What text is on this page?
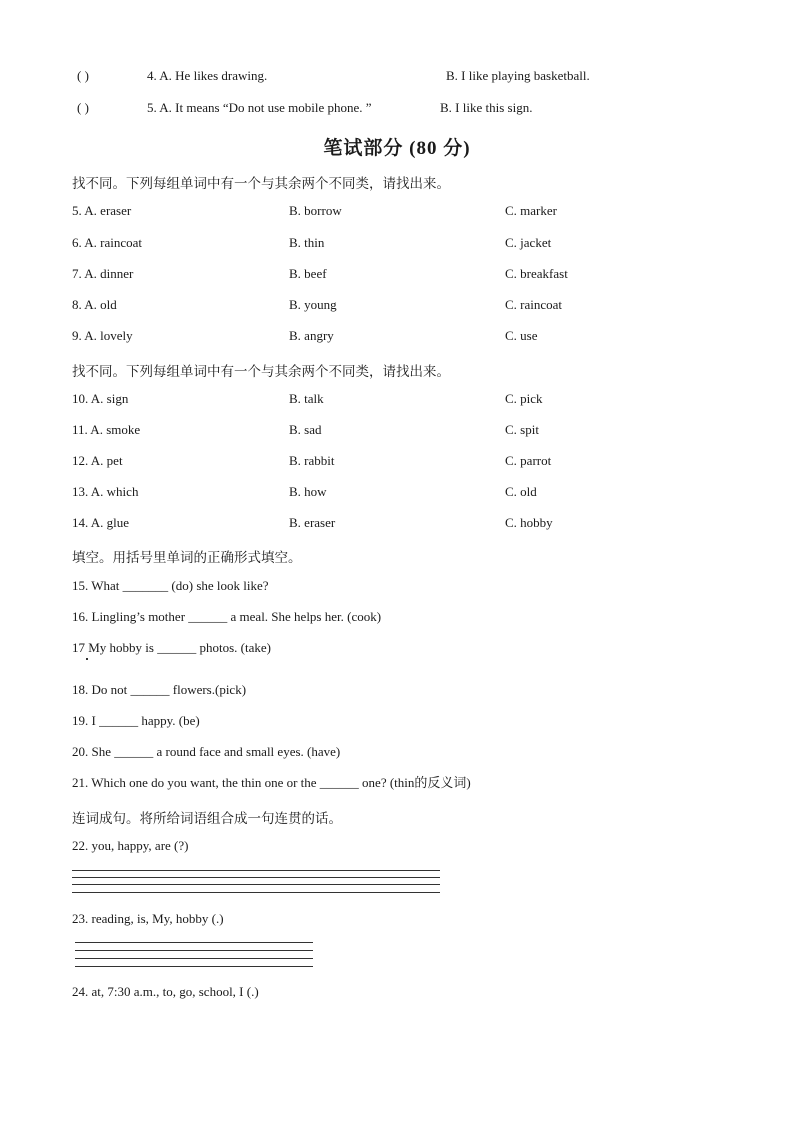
( )	4. A. He likes drawing.	B. I like playing basketball.
( )	5. A. It means “Do not use mobile phone. ”	B. I like this sign.
笔试部分 (80 分)
找不同。下列每组单词中有一个与其余两个不同类，请找出来。
5. A. eraser	B. borrow	C. marker
6. A. raincoat	B. thin	C. jacket
7. A. dinner	B. beef	C. breakfast
8. A. old	B. young	C. raincoat
9. A. lovely	B. angry	C. use
找不同。下列每组单词中有一个与其余两个不同类，请找出来。
10. A. sign	B. talk	C. pick
11. A. smoke	B. sad	C. spit
12. A. pet	B. rabbit	C. parrot
13. A. which	B. how	C. old
14. A. glue	B. eraser	C. hobby
填空。用括号里单词的正确形式填空。
15. What _______ (do) she look like?
16. Lingling’s mother ______ a meal. She helps her. (cook)
17 My hobby is ______ photos. (take)
18. Do not ______ flowers.(pick)
19. I ______ happy. (be)
20. She ______ a round face and small eyes. (have)
21. Which one do you want, the thin one or the ______ one? (thin的反义词)
连词成句。将所给词语组合成一句连贯的话。
22. you, happy, are (?)
23. reading, is, My, hobby (.)
24. at, 7:30 a.m., to, go, school, I (.)
